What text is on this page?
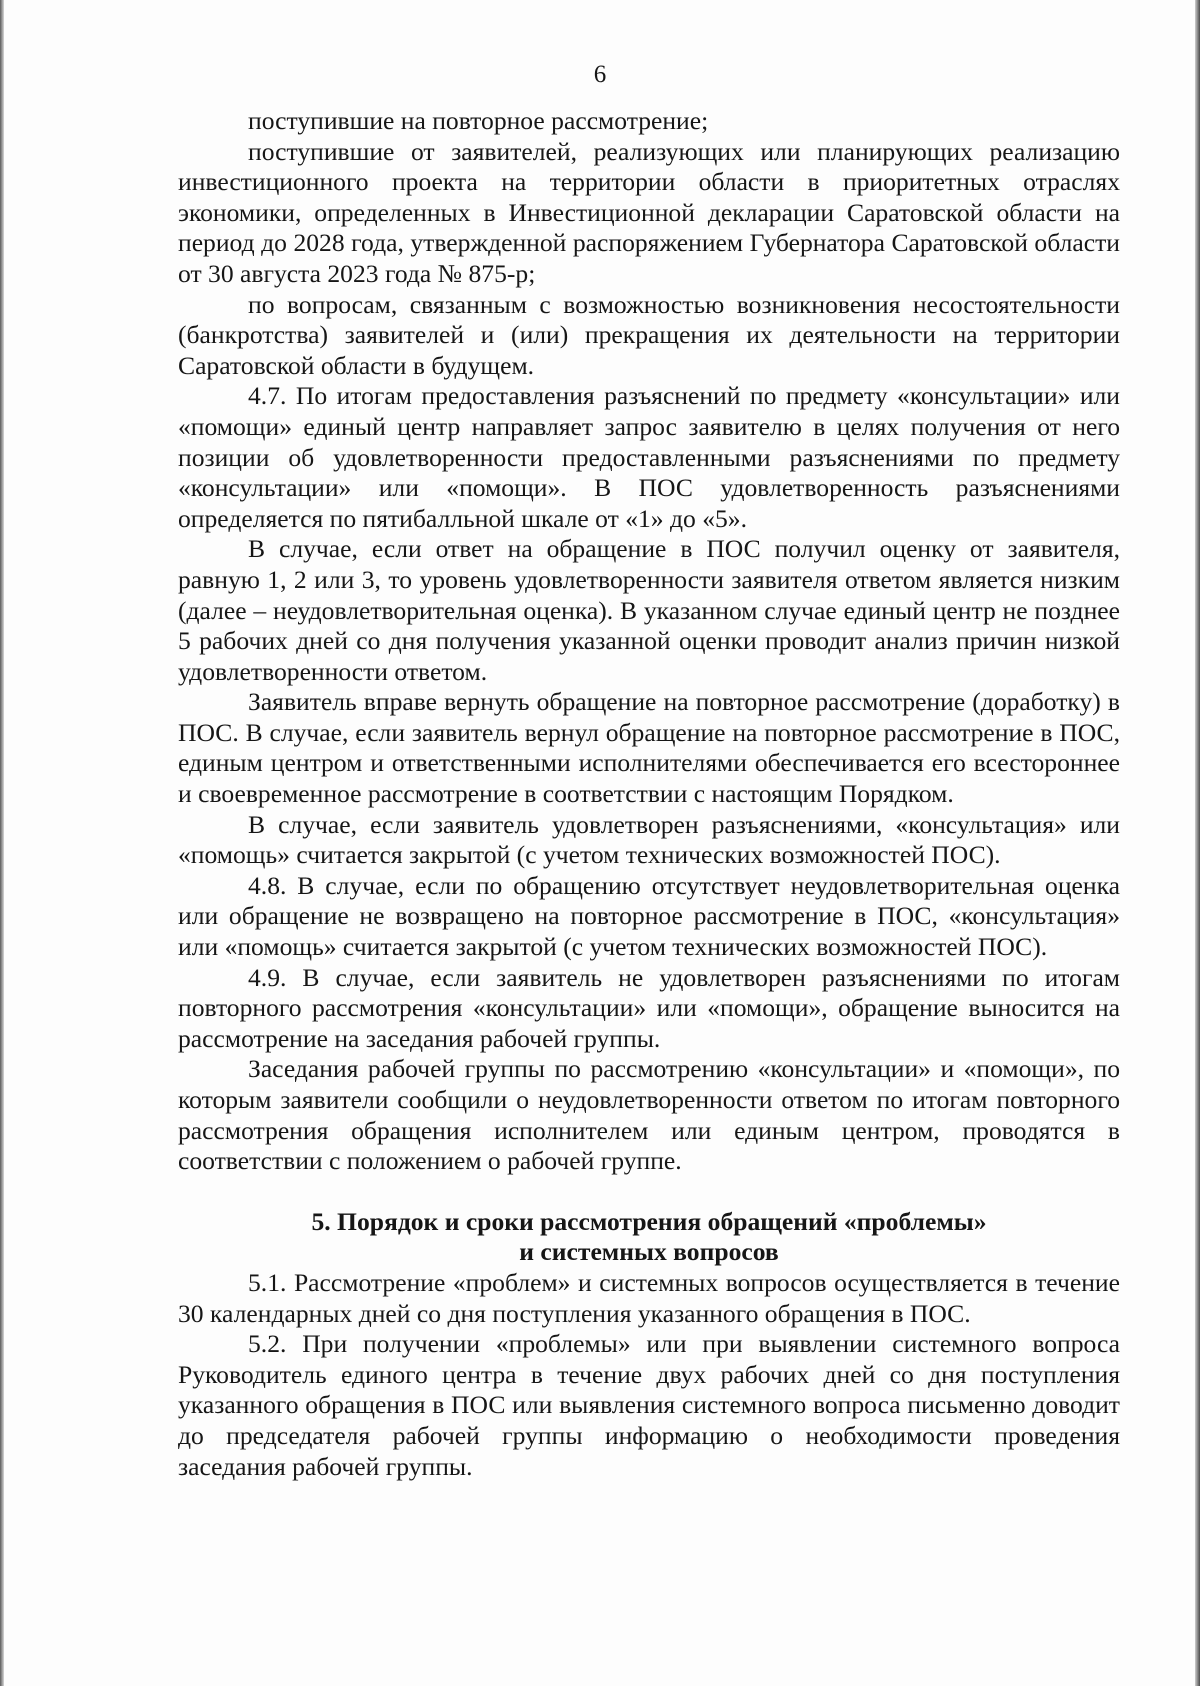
6

поступившие на повторное рассмотрение;

поступившие от заявителей, реализующих или планирующих реализацию инвестиционного проекта на территории области в приоритетных отраслях экономики, определенных в Инвестиционной декларации Саратовской области на период до 2028 года, утвержденной распоряжением Губернатора Саратовской области от 30 августа 2023 года № 875-р;

по вопросам, связанным с возможностью возникновения несостоятельности (банкротства) заявителей и (или) прекращения их деятельности на территории Саратовской области в будущем.

4.7. По итогам предоставления разъяснений по предмету «консультации» или «помощи» единый центр направляет запрос заявителю в целях получения от него позиции об удовлетворенности предоставленными разъяснениями по предмету «консультации» или «помощи». В ПОС удовлетворенность разъяснениями определяется по пятибалльной шкале от «1» до «5».

В случае, если ответ на обращение в ПОС получил оценку от заявителя, равную 1, 2 или 3, то уровень удовлетворенности заявителя ответом является низким (далее – неудовлетворительная оценка). В указанном случае единый центр не позднее 5 рабочих дней со дня получения указанной оценки проводит анализ причин низкой удовлетворенности ответом.

Заявитель вправе вернуть обращение на повторное рассмотрение (доработку) в ПОС. В случае, если заявитель вернул обращение на повторное рассмотрение в ПОС, единым центром и ответственными исполнителями обеспечивается его всестороннее и своевременное рассмотрение в соответствии с настоящим Порядком.

В случае, если заявитель удовлетворен разъяснениями, «консультация» или «помощь» считается закрытой (с учетом технических возможностей ПОС).

4.8. В случае, если по обращению отсутствует неудовлетворительная оценка или обращение не возвращено на повторное рассмотрение в ПОС, «консультация» или «помощь» считается закрытой (с учетом технических возможностей ПОС).

4.9. В случае, если заявитель не удовлетворен разъяснениями по итогам повторного рассмотрения «консультации» или «помощи», обращение выносится на рассмотрение на заседания рабочей группы.

Заседания рабочей группы по рассмотрению «консультации» и «помощи», по которым заявители сообщили о неудовлетворенности ответом по итогам повторного рассмотрения обращения исполнителем или единым центром, проводятся в соответствии с положением о рабочей группе.

5. Порядок и сроки рассмотрения обращений «проблемы»

и системных вопросов

5.1. Рассмотрение «проблем» и системных вопросов осуществляется в течение 30 календарных дней со дня поступления указанного обращения в ПОС.

5.2. При получении «проблемы» или при выявлении системного вопроса Руководитель единого центра в течение двух рабочих дней со дня поступления указанного обращения в ПОС или выявления системного вопроса письменно доводит до председателя рабочей группы информацию о необходимости проведения заседания рабочей группы.
